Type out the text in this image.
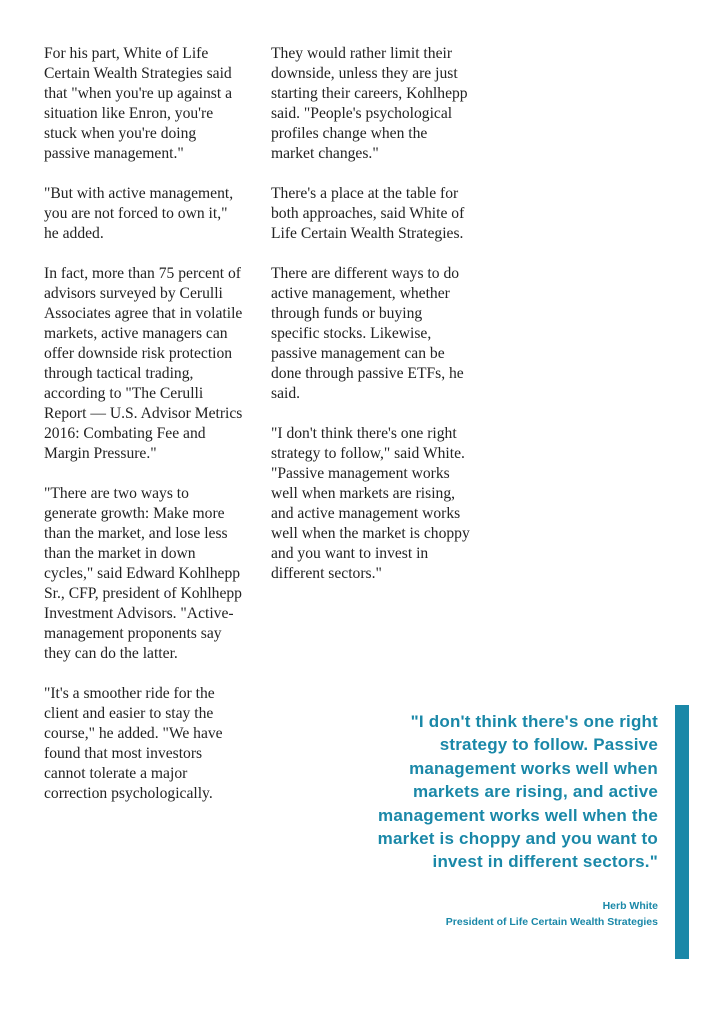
For his part, White of Life Certain Wealth Strategies said that "when you're up against a situation like Enron, you're stuck when you're doing passive management."

"But with active management, you are not forced to own it," he added.

In fact, more than 75 percent of advisors surveyed by Cerulli Associates agree that in volatile markets, active managers can offer downside risk protection through tactical trading, according to "The Cerulli Report — U.S. Advisor Metrics 2016: Combating Fee and Margin Pressure."

"There are two ways to generate growth: Make more than the market, and lose less than the market in down cycles," said Edward Kohlhepp Sr., CFP, president of Kohlhepp Investment Advisors. "Active-management proponents say they can do the latter.

"It's a smoother ride for the client and easier to stay the course," he added. "We have found that most investors cannot tolerate a major correction psychologically.

They would rather limit their downside, unless they are just starting their careers, Kohlhepp said. "People's psychological profiles change when the market changes."

There's a place at the table for both approaches, said White of Life Certain Wealth Strategies.

There are different ways to do active management, whether through funds or buying specific stocks. Likewise, passive management can be done through passive ETFs, he said.

"I don't think there's one right strategy to follow," said White. "Passive management works well when markets are rising, and active management works well when the market is choppy and you want to invest in different sectors."

"I don't think there's one right strategy to follow. Passive management works well when markets are rising, and active management works well when the market is choppy and you want to invest in different sectors."

Herb White

President of Life Certain Wealth Strategies
